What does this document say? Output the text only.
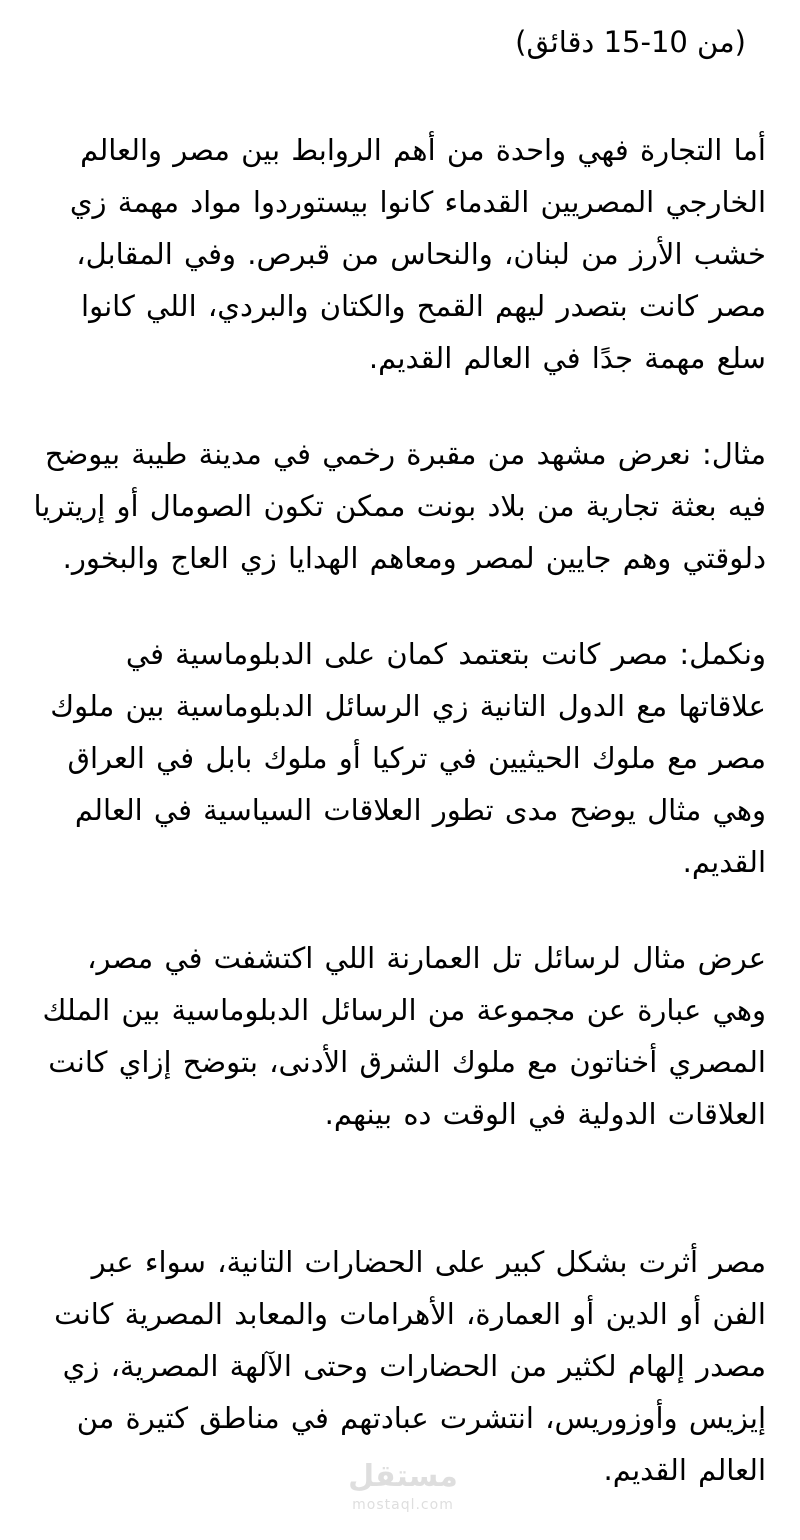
(من 10-15 دقائق)

أما التجارة فهي واحدة من أهم الروابط بين مصر والعالم الخارجي المصريين القدماء كانوا بيستوردوا مواد مهمة زي خشب الأرز من لبنان، والنحاس من قبرص. وفي المقابل، مصر كانت بتصدر ليهم القمح والكتان والبردي، اللي كانوا سلع مهمة جدًا في العالم القديم.

مثال: نعرض مشهد من مقبرة رخمي في مدينة طيبة بيوضح فيه بعثة تجارية من بلاد بونت ممكن تكون الصومال أو إريتريا دلوقتي وهم جايين لمصر ومعاهم الهدايا زي العاج والبخور.

ونكمل: مصر كانت بتعتمد كمان على الدبلوماسية في علاقاتها مع الدول التانية زي الرسائل الدبلوماسية بين ملوك مصر مع ملوك الحيثيين في تركيا أو ملوك بابل في العراق وهي مثال يوضح مدى تطور العلاقات السياسية في العالم القديم.

عرض مثال لرسائل تل العمارنة اللي اكتشفت في مصر، وهي عبارة عن مجموعة من الرسائل الدبلوماسية بين الملك المصري أخناتون مع ملوك الشرق الأدنى، بتوضح إزاي كانت العلاقات الدولية في الوقت ده بينهم.

مصر أثرت بشكل كبير على الحضارات التانية، سواء عبر الفن أو الدين أو العمارة، الأهرامات والمعابد المصرية كانت مصدر إلهام لكثير من الحضارات وحتى الآلهة المصرية، زي إيزيس وأوزوريس، انتشرت عبادتهم في مناطق كتيرة من العالم القديم.

مستقل
mostaql.com
